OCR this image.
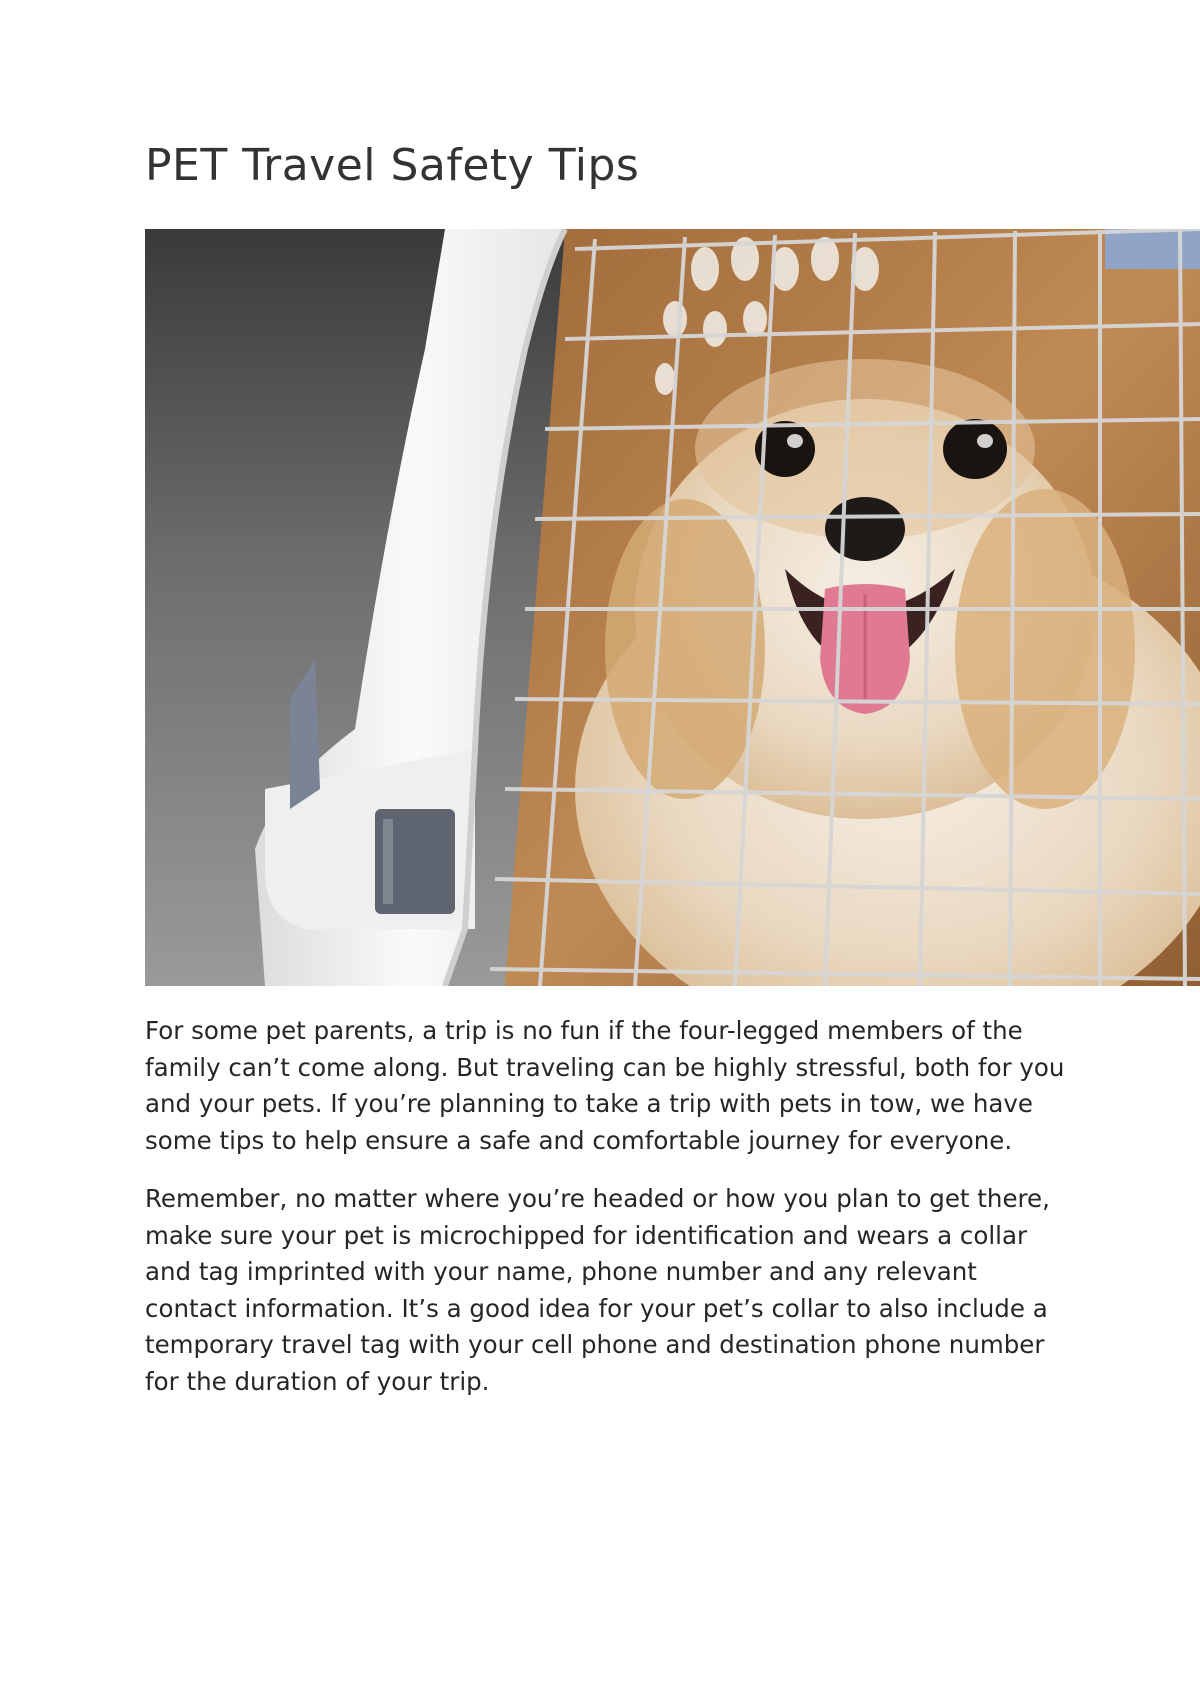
PET Travel Safety Tips

For some pet parents, a trip is no fun if the four-legged members of the family can’t come along. But traveling can be highly stressful, both for you and your pets. If you’re planning to take a trip with pets in tow, we have some tips to help ensure a safe and comfortable journey for everyone.

Remember, no matter where you’re headed or how you plan to get there, make sure your pet is microchipped for identification and wears a collar and tag imprinted with your name, phone number and any relevant contact information. It’s a good idea for your pet’s collar to also include a temporary travel tag with your cell phone and destination phone number for the duration of your trip.
